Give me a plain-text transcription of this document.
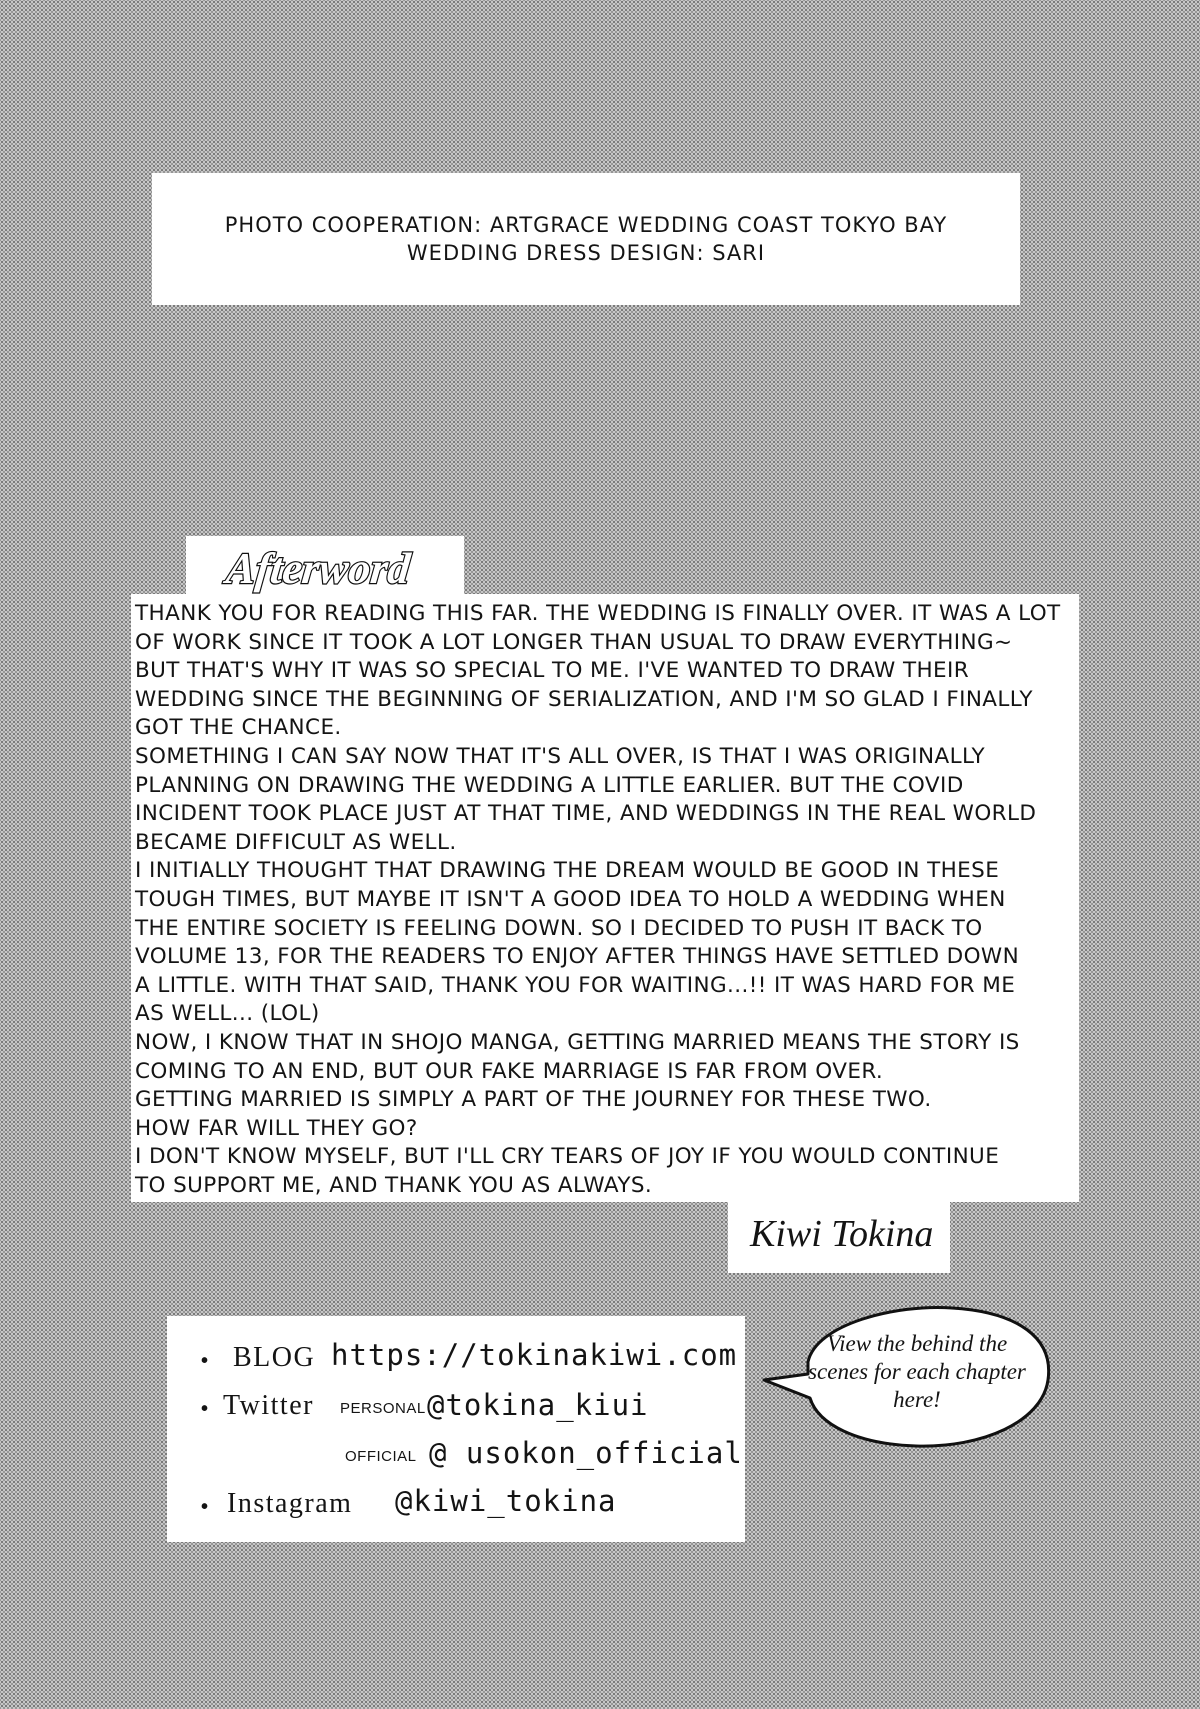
PHOTO COOPERATION: ARTGRACE WEDDING COAST TOKYO BAY
WEDDING DRESS DESIGN: SARI
Afterword
THANK YOU FOR READING THIS FAR. THE WEDDING IS FINALLY OVER. IT WAS A LOT
OF WORK SINCE IT TOOK A LOT LONGER THAN USUAL TO DRAW EVERYTHING~
BUT THAT'S WHY IT WAS SO SPECIAL TO ME. I'VE WANTED TO DRAW THEIR
WEDDING SINCE THE BEGINNING OF SERIALIZATION, AND I'M SO GLAD I FINALLY
GOT THE CHANCE.
SOMETHING I CAN SAY NOW THAT IT'S ALL OVER, IS THAT I WAS ORIGINALLY
PLANNING ON DRAWING THE WEDDING A LITTLE EARLIER. BUT THE COVID
INCIDENT TOOK PLACE JUST AT THAT TIME, AND WEDDINGS IN THE REAL WORLD
BECAME DIFFICULT AS WELL.
I INITIALLY THOUGHT THAT DRAWING THE DREAM WOULD BE GOOD IN THESE
TOUGH TIMES, BUT MAYBE IT ISN'T A GOOD IDEA TO HOLD A WEDDING WHEN
THE ENTIRE SOCIETY IS FEELING DOWN. SO I DECIDED TO PUSH IT BACK TO
VOLUME 13, FOR THE READERS TO ENJOY AFTER THINGS HAVE SETTLED DOWN
A LITTLE. WITH THAT SAID, THANK YOU FOR WAITING...!! IT WAS HARD FOR ME
AS WELL... (LOL)
NOW, I KNOW THAT IN SHOJO MANGA, GETTING MARRIED MEANS THE STORY IS
COMING TO AN END, BUT OUR FAKE MARRIAGE IS FAR FROM OVER.
GETTING MARRIED IS SIMPLY A PART OF THE JOURNEY FOR THESE TWO.
HOW FAR WILL THEY GO?
I DON'T KNOW MYSELF, BUT I'LL CRY TEARS OF JOY IF YOU WOULD CONTINUE
TO SUPPORT ME, AND THANK YOU AS ALWAYS.
Kiwi Tokina
• BLOG https://tokinakiwi.com
• Twitter PERSONAL @tokina_kiui
OFFICIAL @ usokon_official
• Instagram @kiwi_tokina
View the behind the scenes for each chapter here!
